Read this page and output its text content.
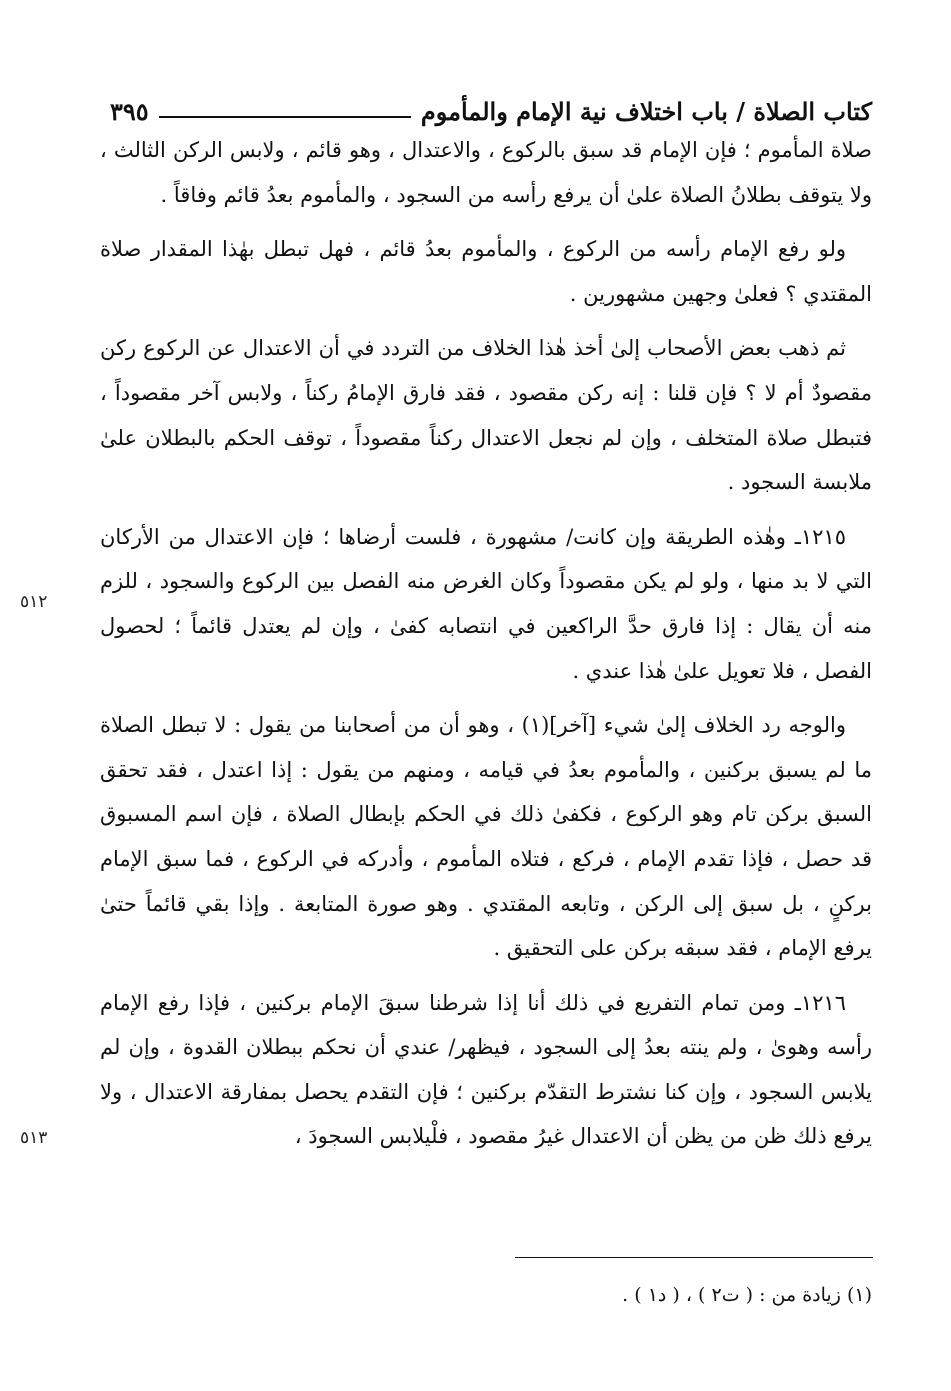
كتاب الصلاة / باب اختلاف نية الإمام والمأموم
٣٩٥

صلاة المأموم ؛ فإن الإمام قد سبق بالركوع ، والاعتدال ، وهو قائم ، ولابس الركن الثالث ، ولا يتوقف بطلانُ الصلاة علىٰ أن يرفع رأسه من السجود ، والمأموم بعدُ قائم وفاقاً .

ولو رفع الإمام رأسه من الركوع ، والمأموم بعدُ قائم ، فهل تبطل بهٰذا المقدار صلاة المقتدي ؟ فعلىٰ وجهين مشهورين .

ثم ذهب بعض الأصحاب إلىٰ أخذ هٰذا الخلاف من التردد في أن الاعتدال عن الركوع ركن مقصودٌ أم لا ؟ فإن قلنا : إنه ركن مقصود ، فقد فارق الإمامُ ركناً ، ولابس آخر مقصوداً ، فتبطل صلاة المتخلف ، وإن لم نجعل الاعتدال ركناً مقصوداً ، توقف الحكم بالبطلان علىٰ ملابسة السجود .

١٢١٥ـ وهٰذه الطريقة وإن كانت/ مشهورة ، فلست أرضاها ؛ فإن الاعتدال من الأركان التي لا بد منها ، ولو لم يكن مقصوداً وكان الغرض منه الفصل بين الركوع والسجود ، للزم منه أن يقال : إذا فارق حدَّ الراكعين في انتصابه كفىٰ ، وإن لم يعتدل قائماً ؛ لحصول الفصل ، فلا تعويل علىٰ هٰذا عندي .

والوجه رد الخلاف إلىٰ شيء [آخر](١) ، وهو أن من أصحابنا من يقول : لا تبطل الصلاة ما لم يسبق بركنين ، والمأموم بعدُ في قيامه ، ومنهم من يقول : إذا اعتدل ، فقد تحقق السبق بركن تام وهو الركوع ، فكفىٰ ذلك في الحكم بإبطال الصلاة ، فإن اسم المسبوق قد حصل ، فإذا تقدم الإمام ، فركع ، فتلاه المأموم ، وأدركه في الركوع ، فما سبق الإمام بركنٍ ، بل سبق إلى الركن ، وتابعه المقتدي . وهو صورة المتابعة . وإذا بقي قائماً حتىٰ يرفع الإمام ، فقد سبقه بركن على التحقيق .

١٢١٦ـ ومن تمام التفريع في ذلك أنا إذا شرطنا سبقَ الإمام بركنين ، فإذا رفع الإمام رأسه وهوىٰ ، ولم ينته بعدُ إلى السجود ، فيظهر/ عندي أن نحكم ببطلان القدوة ، وإن لم يلابس السجود ، وإن كنا نشترط التقدّم بركنين ؛ فإن التقدم يحصل بمفارقة الاعتدال ، ولا يرفع ذلك ظن من يظن أن الاعتدال غيرُ مقصود ، فلْيلابس السجودَ ،

٥١٢
٥١٣
(١) زيادة من : ( ت٢ ) ، ( د١ ) .
